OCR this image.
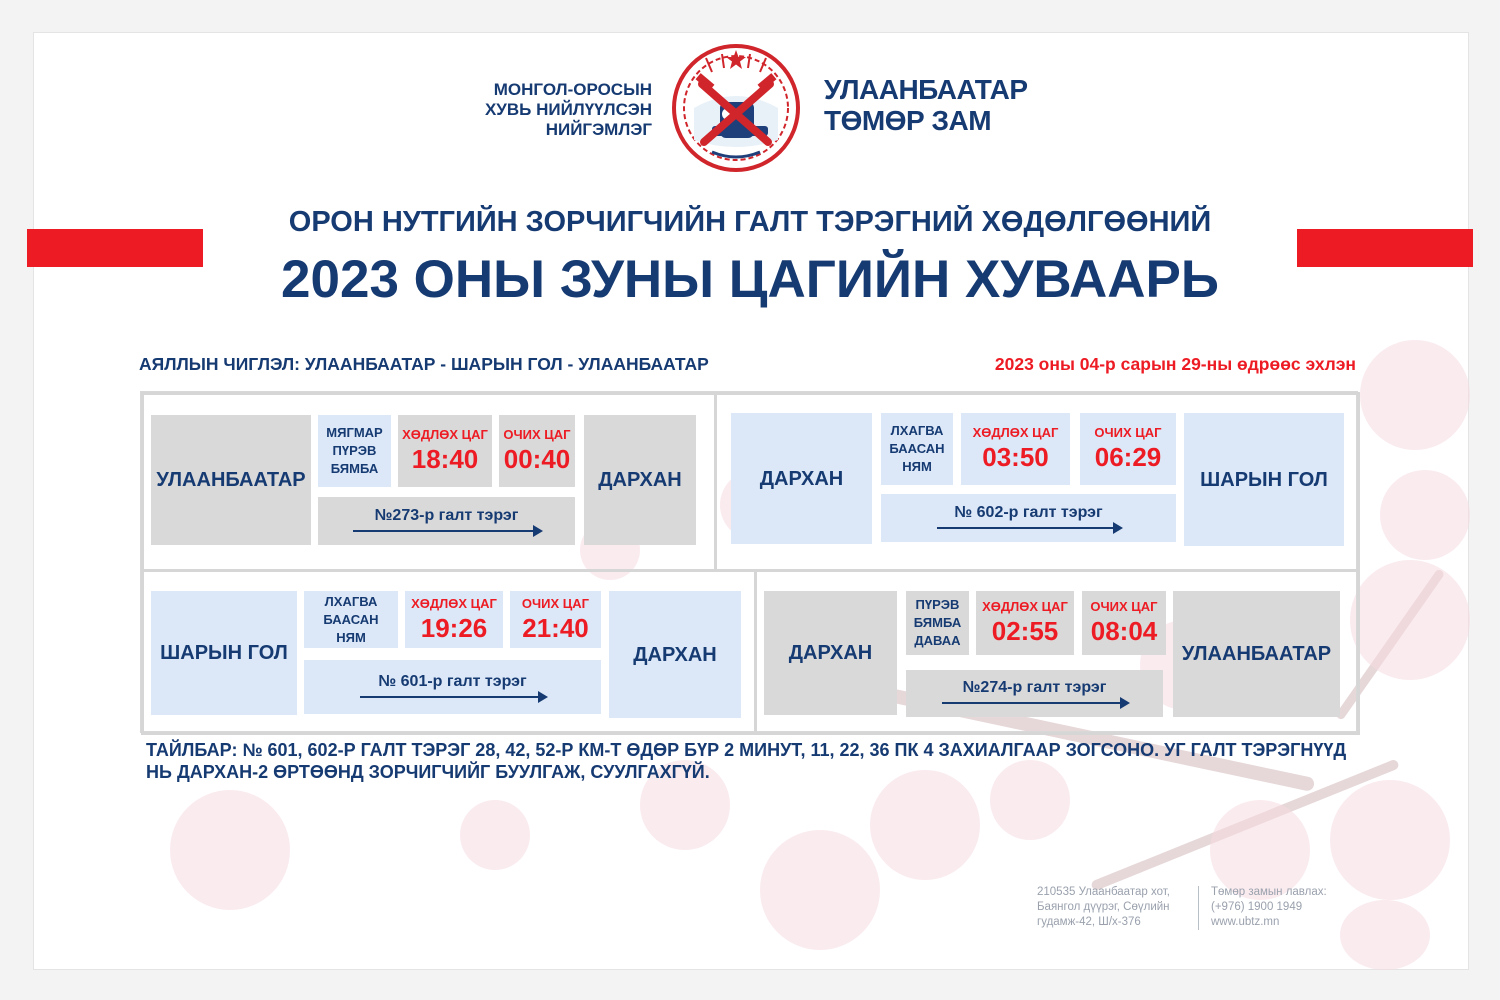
МОНГОЛ-ОРОСЫН
ХУВЬ НИЙЛҮҮЛСЭН
НИЙГЭМЛЭГ
УЛААНБААТАР
ТӨМӨР ЗАМ
ОРОН НУТГИЙН ЗОРЧИГЧИЙН ГАЛТ ТЭРЭГНИЙ ХӨДӨЛГӨӨНИЙ
2023 ОНЫ ЗУНЫ ЦАГИЙН ХУВААРЬ
АЯЛЛЫН ЧИГЛЭЛ: УЛААНБААТАР - ШАРЫН ГОЛ - УЛААНБААТАР	2023 оны 04-р сарын 29-ны өдрөөс эхлэн
УЛААНБААТАР
МЯГМАР
ПҮРЭВ
БЯМБА
ХӨДЛӨХ ЦАГ
18:40
ОЧИХ ЦАГ
00:40
№273-р галт тэрэг
ДАРХАН	ДАРХАН
ЛХАГВА
БААСАН
НЯМ
ХӨДЛӨХ ЦАГ
03:50
ОЧИХ ЦАГ
06:29
№ 602-р галт тэрэг
ШАРЫН ГОЛ
ШАРЫН ГОЛ
ЛХАГВА
БААСАН
НЯМ
ХӨДЛӨХ ЦАГ
19:26
ОЧИХ ЦАГ
21:40
№ 601-р галт тэрэг
ДАРХАН	ДАРХАН
ПҮРЭВ
БЯМБА
ДАВАА
ХӨДЛӨХ ЦАГ
02:55
ОЧИХ ЦАГ
08:04
№274-р галт тэрэг
УЛААНБААТАР
ТАЙЛБАР: № 601, 602-Р ГАЛТ ТЭРЭГ 28, 42, 52-Р КМ-Т ӨДӨР БҮР 2 МИНУТ, 11, 22, 36 ПК 4 ЗАХИАЛГААР ЗОГСОНО. УГ ГАЛТ ТЭРЭГНҮҮД НЬ ДАРХАН-2 ӨРТӨӨНД ЗОРЧИГЧИЙГ БУУЛГАЖ, СУУЛГАХГҮЙ.
210535 Улаанбаатар хот,
Баянгол дүүрэг, Сөүлийн
гудамж-42, Ш/х-376
Төмөр замын лавлах:
(+976) 1900 1949
www.ubtz.mn
